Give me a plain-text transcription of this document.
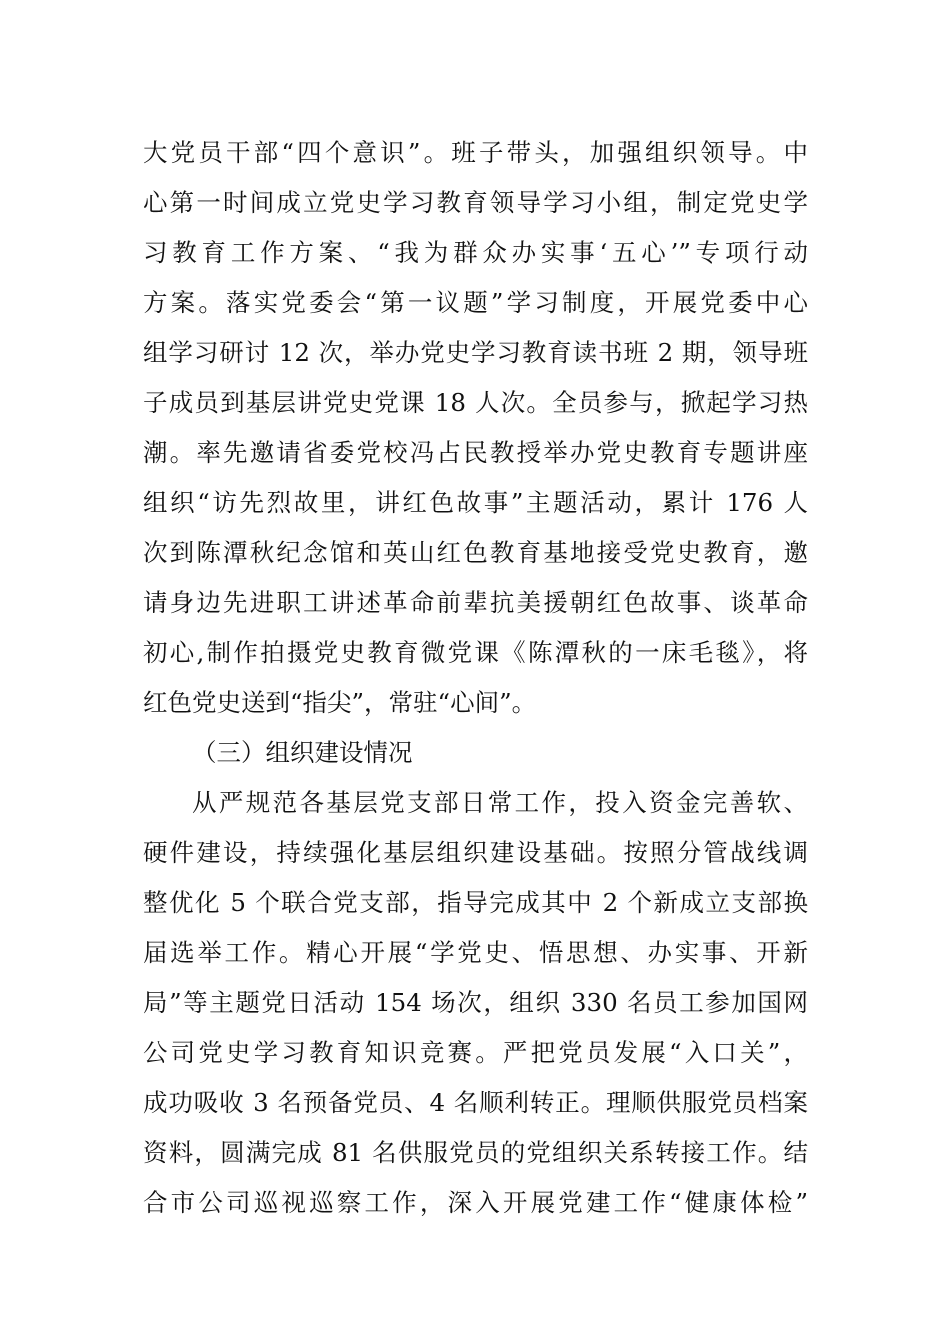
大党员干部“四个意识”。班子带头，加强组织领导。中
心第一时间成立党史学习教育领导学习小组，制定党史学
习教育工作方案、“我为群众办实事‘五心’”专项行动
方案。落实党委会“第一议题”学习制度，开展党委中心
组学习研讨 12 次，举办党史学习教育读书班 2 期，领导班
子成员到基层讲党史党课 18 人次。全员参与，掀起学习热
潮。率先邀请省委党校冯占民教授举办党史教育专题讲座
组织“访先烈故里，讲红色故事”主题活动，累计 176 人
次到陈潭秋纪念馆和英山红色教育基地接受党史教育，邀
请身边先进职工讲述革命前辈抗美援朝红色故事、谈革命
初心,制作拍摄党史教育微党课《陈潭秋的一床毛毯》，将
红色党史送到“指尖”，常驻“心间”。
（三）组织建设情况
从严规范各基层党支部日常工作，投入资金完善软、
硬件建设，持续强化基层组织建设基础。按照分管战线调
整优化 5 个联合党支部，指导完成其中 2 个新成立支部换
届选举工作。精心开展“学党史、悟思想、办实事、开新
局”等主题党日活动 154 场次，组织 330 名员工参加国网
公司党史学习教育知识竞赛。严把党员发展“入口关”，
成功吸收 3 名预备党员、4 名顺利转正。理顺供服党员档案
资料，圆满完成 81 名供服党员的党组织关系转接工作。结
合市公司巡视巡察工作，深入开展党建工作“健康体检”
